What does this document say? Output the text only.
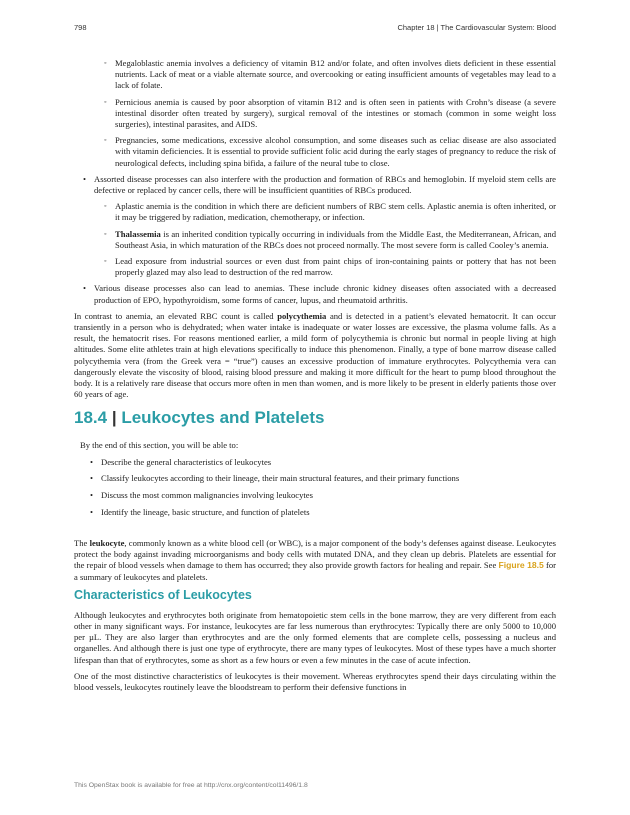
798	Chapter 18 | The Cardiovascular System: Blood
◦ Megaloblastic anemia involves a deficiency of vitamin B12 and/or folate, and often involves diets deficient in these essential nutrients. Lack of meat or a viable alternate source, and overcooking or eating insufficient amounts of vegetables may lead to a lack of folate.
◦ Pernicious anemia is caused by poor absorption of vitamin B12 and is often seen in patients with Crohn’s disease (a severe intestinal disorder often treated by surgery), surgical removal of the intestines or stomach (common in some weight loss surgeries), intestinal parasites, and AIDS.
◦ Pregnancies, some medications, excessive alcohol consumption, and some diseases such as celiac disease are also associated with vitamin deficiencies. It is essential to provide sufficient folic acid during the early stages of pregnancy to reduce the risk of neurological defects, including spina bifida, a failure of the neural tube to close.
• Assorted disease processes can also interfere with the production and formation of RBCs and hemoglobin. If myeloid stem cells are defective or replaced by cancer cells, there will be insufficient quantities of RBCs produced.
◦ Aplastic anemia is the condition in which there are deficient numbers of RBC stem cells. Aplastic anemia is often inherited, or it may be triggered by radiation, medication, chemotherapy, or infection.
◦ Thalassemia is an inherited condition typically occurring in individuals from the Middle East, the Mediterranean, African, and Southeast Asia, in which maturation of the RBCs does not proceed normally. The most severe form is called Cooley’s anemia.
◦ Lead exposure from industrial sources or even dust from paint chips of iron-containing paints or pottery that has not been properly glazed may also lead to destruction of the red marrow.
• Various disease processes also can lead to anemias. These include chronic kidney diseases often associated with a decreased production of EPO, hypothyroidism, some forms of cancer, lupus, and rheumatoid arthritis.

In contrast to anemia, an elevated RBC count is called polycythemia and is detected in a patient’s elevated hematocrit. It can occur transiently in a person who is dehydrated; when water intake is inadequate or water losses are excessive, the plasma volume falls. As a result, the hematocrit rises. For reasons mentioned earlier, a mild form of polycythemia is chronic but normal in people living at high altitudes. Some elite athletes train at high elevations specifically to induce this phenomenon. Finally, a type of bone marrow disease called polycythemia vera (from the Greek vera = “true”) causes an excessive production of immature erythrocytes. Polycythemia vera can dangerously elevate the viscosity of blood, raising blood pressure and making it more difficult for the heart to pump blood throughout the body. It is a relatively rare disease that occurs more often in men than women, and is more likely to be present in elderly patients those over 60 years of age.

18.4 | Leukocytes and Platelets
By the end of this section, you will be able to:
• Describe the general characteristics of leukocytes
• Classify leukocytes according to their lineage, their main structural features, and their primary functions
• Discuss the most common malignancies involving leukocytes
• Identify the lineage, basic structure, and function of platelets

The leukocyte, commonly known as a white blood cell (or WBC), is a major component of the body’s defenses against disease. Leukocytes protect the body against invading microorganisms and body cells with mutated DNA, and they clean up debris. Platelets are essential for the repair of blood vessels when damage to them has occurred; they also provide growth factors for healing and repair. See Figure 18.5 for a summary of leukocytes and platelets.

Characteristics of Leukocytes

Although leukocytes and erythrocytes both originate from hematopoietic stem cells in the bone marrow, they are very different from each other in many significant ways. For instance, leukocytes are far less numerous than erythrocytes: Typically there are only 5000 to 10,000 per µL. They are also larger than erythrocytes and are the only formed elements that are complete cells, possessing a nucleus and organelles. And although there is just one type of erythrocyte, there are many types of leukocytes. Most of these types have a much shorter lifespan than that of erythrocytes, some as short as a few hours or even a few minutes in the case of acute infection.

One of the most distinctive characteristics of leukocytes is their movement. Whereas erythrocytes spend their days circulating within the blood vessels, leukocytes routinely leave the bloodstream to perform their defensive functions in

This OpenStax book is available for free at http://cnx.org/content/col11496/1.8
